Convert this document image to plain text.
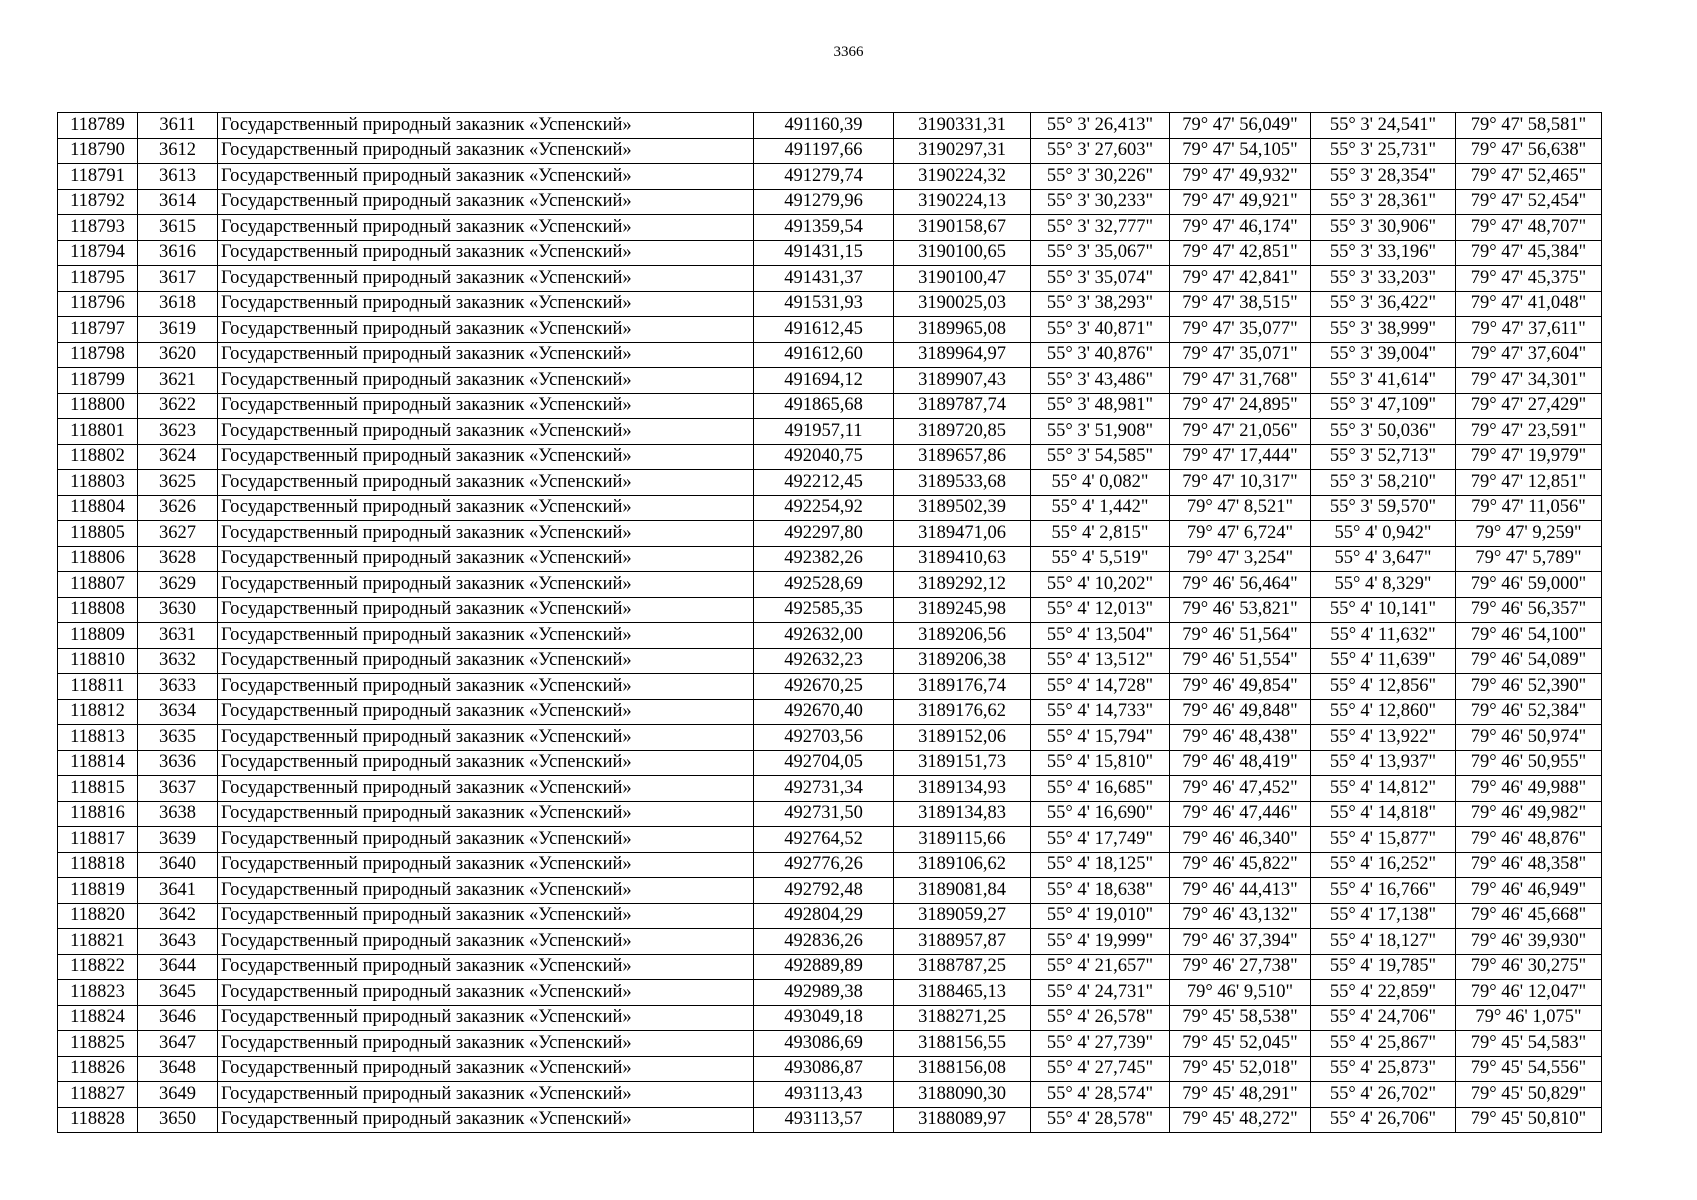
3366
118789	3611	Государственный природный заказник «Успенский»	491160,39	3190331,31	55° 3' 26,413"	79° 47' 56,049"	55° 3' 24,541"	79° 47' 58,581"
118790	3612	Государственный природный заказник «Успенский»	491197,66	3190297,31	55° 3' 27,603"	79° 47' 54,105"	55° 3' 25,731"	79° 47' 56,638"
118791	3613	Государственный природный заказник «Успенский»	491279,74	3190224,32	55° 3' 30,226"	79° 47' 49,932"	55° 3' 28,354"	79° 47' 52,465"
118792	3614	Государственный природный заказник «Успенский»	491279,96	3190224,13	55° 3' 30,233"	79° 47' 49,921"	55° 3' 28,361"	79° 47' 52,454"
118793	3615	Государственный природный заказник «Успенский»	491359,54	3190158,67	55° 3' 32,777"	79° 47' 46,174"	55° 3' 30,906"	79° 47' 48,707"
118794	3616	Государственный природный заказник «Успенский»	491431,15	3190100,65	55° 3' 35,067"	79° 47' 42,851"	55° 3' 33,196"	79° 47' 45,384"
118795	3617	Государственный природный заказник «Успенский»	491431,37	3190100,47	55° 3' 35,074"	79° 47' 42,841"	55° 3' 33,203"	79° 47' 45,375"
118796	3618	Государственный природный заказник «Успенский»	491531,93	3190025,03	55° 3' 38,293"	79° 47' 38,515"	55° 3' 36,422"	79° 47' 41,048"
118797	3619	Государственный природный заказник «Успенский»	491612,45	3189965,08	55° 3' 40,871"	79° 47' 35,077"	55° 3' 38,999"	79° 47' 37,611"
118798	3620	Государственный природный заказник «Успенский»	491612,60	3189964,97	55° 3' 40,876"	79° 47' 35,071"	55° 3' 39,004"	79° 47' 37,604"
118799	3621	Государственный природный заказник «Успенский»	491694,12	3189907,43	55° 3' 43,486"	79° 47' 31,768"	55° 3' 41,614"	79° 47' 34,301"
118800	3622	Государственный природный заказник «Успенский»	491865,68	3189787,74	55° 3' 48,981"	79° 47' 24,895"	55° 3' 47,109"	79° 47' 27,429"
118801	3623	Государственный природный заказник «Успенский»	491957,11	3189720,85	55° 3' 51,908"	79° 47' 21,056"	55° 3' 50,036"	79° 47' 23,591"
118802	3624	Государственный природный заказник «Успенский»	492040,75	3189657,86	55° 3' 54,585"	79° 47' 17,444"	55° 3' 52,713"	79° 47' 19,979"
118803	3625	Государственный природный заказник «Успенский»	492212,45	3189533,68	55° 4' 0,082"	79° 47' 10,317"	55° 3' 58,210"	79° 47' 12,851"
118804	3626	Государственный природный заказник «Успенский»	492254,92	3189502,39	55° 4' 1,442"	79° 47' 8,521"	55° 3' 59,570"	79° 47' 11,056"
118805	3627	Государственный природный заказник «Успенский»	492297,80	3189471,06	55° 4' 2,815"	79° 47' 6,724"	55° 4' 0,942"	79° 47' 9,259"
118806	3628	Государственный природный заказник «Успенский»	492382,26	3189410,63	55° 4' 5,519"	79° 47' 3,254"	55° 4' 3,647"	79° 47' 5,789"
118807	3629	Государственный природный заказник «Успенский»	492528,69	3189292,12	55° 4' 10,202"	79° 46' 56,464"	55° 4' 8,329"	79° 46' 59,000"
118808	3630	Государственный природный заказник «Успенский»	492585,35	3189245,98	55° 4' 12,013"	79° 46' 53,821"	55° 4' 10,141"	79° 46' 56,357"
118809	3631	Государственный природный заказник «Успенский»	492632,00	3189206,56	55° 4' 13,504"	79° 46' 51,564"	55° 4' 11,632"	79° 46' 54,100"
118810	3632	Государственный природный заказник «Успенский»	492632,23	3189206,38	55° 4' 13,512"	79° 46' 51,554"	55° 4' 11,639"	79° 46' 54,089"
118811	3633	Государственный природный заказник «Успенский»	492670,25	3189176,74	55° 4' 14,728"	79° 46' 49,854"	55° 4' 12,856"	79° 46' 52,390"
118812	3634	Государственный природный заказник «Успенский»	492670,40	3189176,62	55° 4' 14,733"	79° 46' 49,848"	55° 4' 12,860"	79° 46' 52,384"
118813	3635	Государственный природный заказник «Успенский»	492703,56	3189152,06	55° 4' 15,794"	79° 46' 48,438"	55° 4' 13,922"	79° 46' 50,974"
118814	3636	Государственный природный заказник «Успенский»	492704,05	3189151,73	55° 4' 15,810"	79° 46' 48,419"	55° 4' 13,937"	79° 46' 50,955"
118815	3637	Государственный природный заказник «Успенский»	492731,34	3189134,93	55° 4' 16,685"	79° 46' 47,452"	55° 4' 14,812"	79° 46' 49,988"
118816	3638	Государственный природный заказник «Успенский»	492731,50	3189134,83	55° 4' 16,690"	79° 46' 47,446"	55° 4' 14,818"	79° 46' 49,982"
118817	3639	Государственный природный заказник «Успенский»	492764,52	3189115,66	55° 4' 17,749"	79° 46' 46,340"	55° 4' 15,877"	79° 46' 48,876"
118818	3640	Государственный природный заказник «Успенский»	492776,26	3189106,62	55° 4' 18,125"	79° 46' 45,822"	55° 4' 16,252"	79° 46' 48,358"
118819	3641	Государственный природный заказник «Успенский»	492792,48	3189081,84	55° 4' 18,638"	79° 46' 44,413"	55° 4' 16,766"	79° 46' 46,949"
118820	3642	Государственный природный заказник «Успенский»	492804,29	3189059,27	55° 4' 19,010"	79° 46' 43,132"	55° 4' 17,138"	79° 46' 45,668"
118821	3643	Государственный природный заказник «Успенский»	492836,26	3188957,87	55° 4' 19,999"	79° 46' 37,394"	55° 4' 18,127"	79° 46' 39,930"
118822	3644	Государственный природный заказник «Успенский»	492889,89	3188787,25	55° 4' 21,657"	79° 46' 27,738"	55° 4' 19,785"	79° 46' 30,275"
118823	3645	Государственный природный заказник «Успенский»	492989,38	3188465,13	55° 4' 24,731"	79° 46' 9,510"	55° 4' 22,859"	79° 46' 12,047"
118824	3646	Государственный природный заказник «Успенский»	493049,18	3188271,25	55° 4' 26,578"	79° 45' 58,538"	55° 4' 24,706"	79° 46' 1,075"
118825	3647	Государственный природный заказник «Успенский»	493086,69	3188156,55	55° 4' 27,739"	79° 45' 52,045"	55° 4' 25,867"	79° 45' 54,583"
118826	3648	Государственный природный заказник «Успенский»	493086,87	3188156,08	55° 4' 27,745"	79° 45' 52,018"	55° 4' 25,873"	79° 45' 54,556"
118827	3649	Государственный природный заказник «Успенский»	493113,43	3188090,30	55° 4' 28,574"	79° 45' 48,291"	55° 4' 26,702"	79° 45' 50,829"
118828	3650	Государственный природный заказник «Успенский»	493113,57	3188089,97	55° 4' 28,578"	79° 45' 48,272"	55° 4' 26,706"	79° 45' 50,810"
